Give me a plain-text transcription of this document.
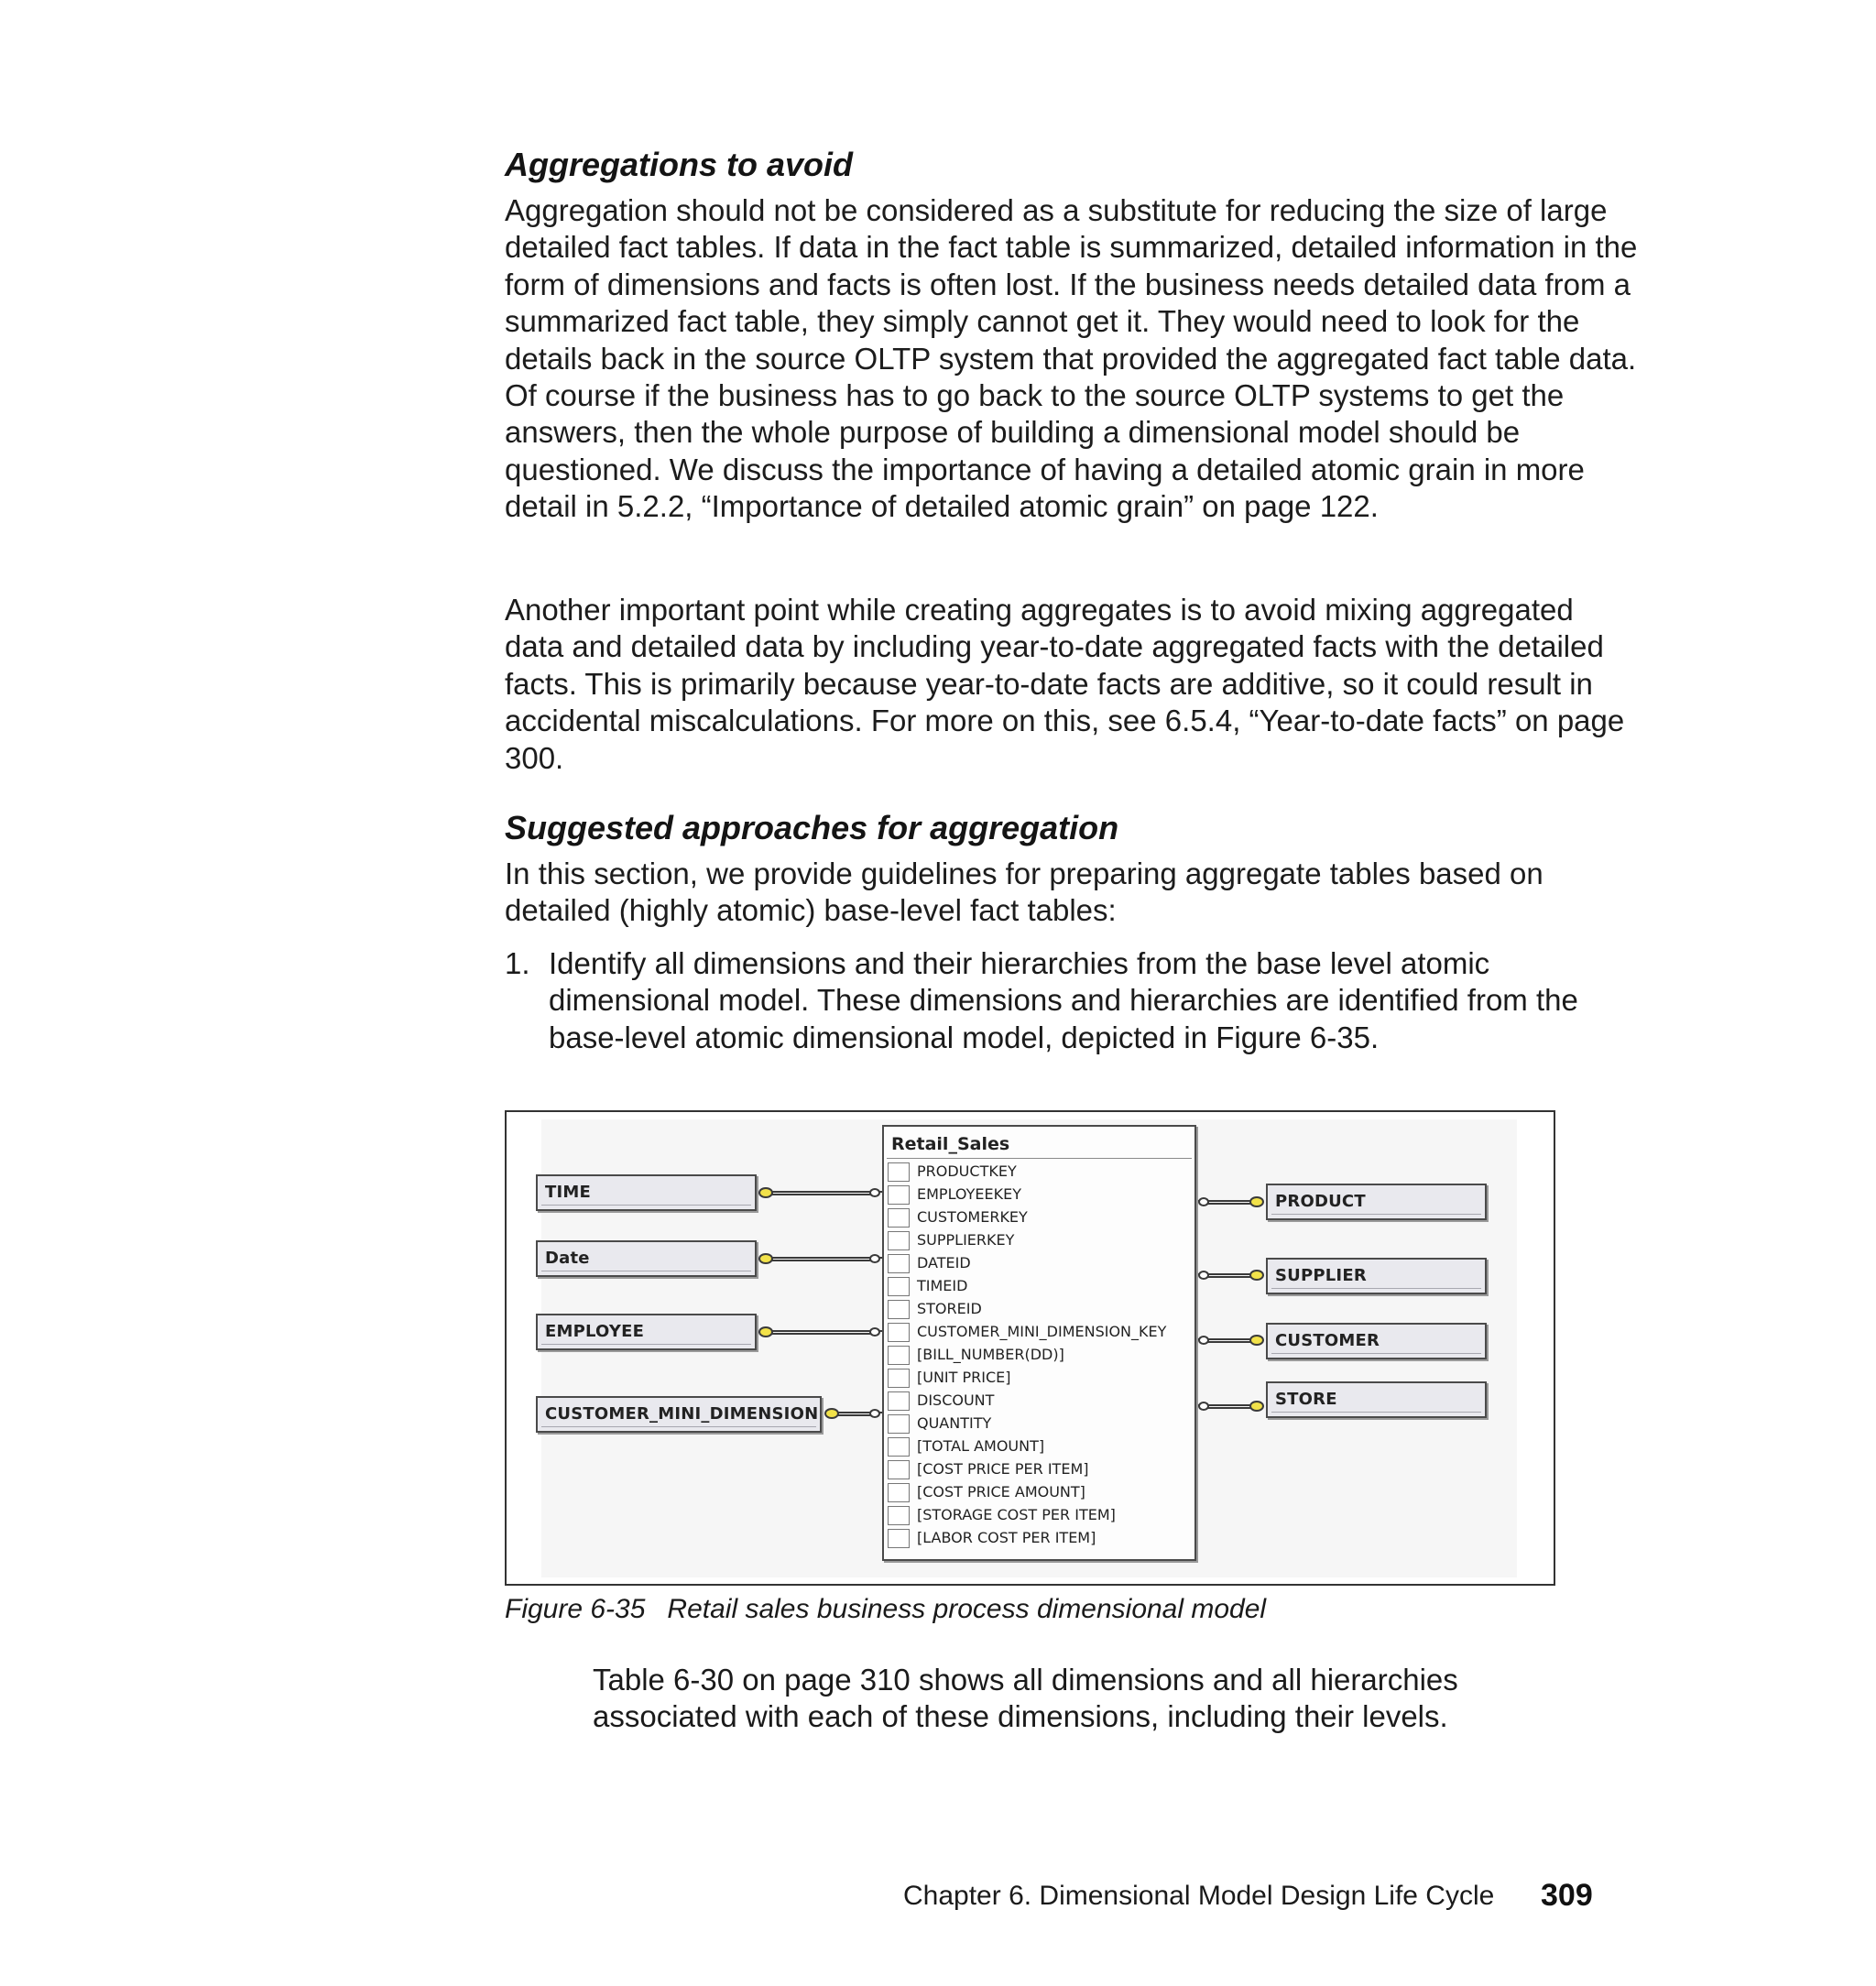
Aggregations to avoid

Aggregation should not be considered as a substitute for reducing the size of large detailed fact tables. If data in the fact table is summarized, detailed information in the form of dimensions and facts is often lost. If the business needs detailed data from a summarized fact table, they simply cannot get it. They would need to look for the details back in the source OLTP system that provided the aggregated fact table data. Of course if the business has to go back to the source OLTP systems to get the answers, then the whole purpose of building a dimensional model should be questioned. We discuss the importance of having a detailed atomic grain in more detail in 5.2.2, “Importance of detailed atomic grain” on page 122.

Another important point while creating aggregates is to avoid mixing aggregated data and detailed data by including year-to-date aggregated facts with the detailed facts. This is primarily because year-to-date facts are additive, so it could result in accidental miscalculations. For more on this, see 6.5.4, “Year-to-date facts” on page 300.

Suggested approaches for aggregation

In this section, we provide guidelines for preparing aggregate tables based on detailed (highly atomic) base-level fact tables:

1. Identify all dimensions and their hierarchies from the base level atomic dimensional model. These dimensions and hierarchies are identified from the base-level atomic dimensional model, depicted in Figure 6-35.
TIME
Date
EMPLOYEE
CUSTOMER_MINI_DIMENSION
PRODUCT
SUPPLIER
CUSTOMER
STORE
Retail_Sales
PRODUCTKEY
EMPLOYEEKEY
CUSTOMERKEY
SUPPLIERKEY
DATEID
TIMEID
STOREID
CUSTOMER_MINI_DIMENSION_KEY
[BILL_NUMBER(DD)]
[UNIT PRICE]
DISCOUNT
QUANTITY
[TOTAL AMOUNT]
[COST PRICE PER ITEM]
[COST PRICE AMOUNT]
[STORAGE COST PER ITEM]
[LABOR COST PER ITEM]

Figure 6-35 Retail sales business process dimensional model

Table 6-30 on page 310 shows all dimensions and all hierarchies associated with each of these dimensions, including their levels.

Chapter 6. Dimensional Model Design Life Cycle 309
